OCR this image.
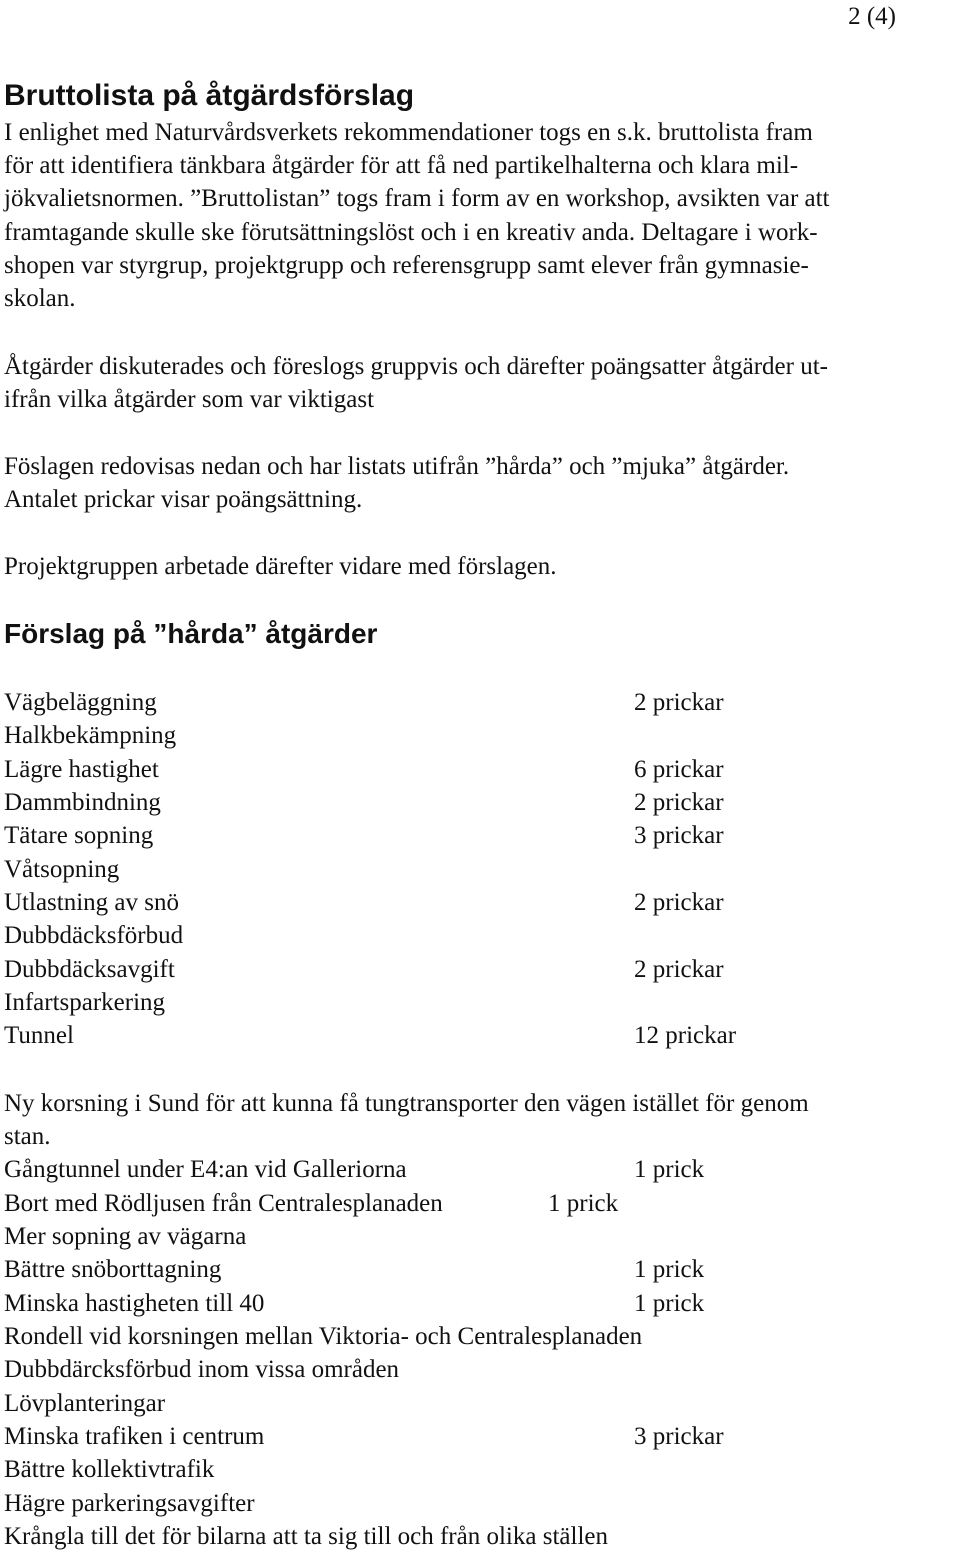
2 (4)
Bruttolista på åtgärdsförslag
I enlighet med Naturvårdsverkets rekommendationer togs en s.k. bruttolista fram
för att identifiera tänkbara åtgärder för att få ned partikelhalterna och klara mil-
jökvalietsnormen. ”Bruttolistan” togs fram i form av en workshop, avsikten var att
framtagande skulle ske förutsättningslöst och i en kreativ anda. Deltagare i work-
shopen var styrgrup, projektgrupp och referensgrupp samt elever från gymnasie-
skolan.
Åtgärder diskuterades och föreslogs gruppvis och därefter poängsatter åtgärder ut-
ifrån vilka åtgärder som var viktigast
Föslagen redovisas nedan och har listats utifrån ”hårda” och ”mjuka” åtgärder.
Antalet prickar visar poängsättning.
Projektgruppen arbetade därefter vidare med förslagen.
Förslag på ”hårda” åtgärder
Vägbeläggning	2 prickar
Halkbekämpning
Lägre hastighet	6 prickar
Dammbindning	2 prickar
Tätare sopning	3 prickar
Våtsopning
Utlastning av snö	2 prickar
Dubbdäcksförbud
Dubbdäcksavgift	2 prickar
Infartsparkering
Tunnel	12 prickar
Ny korsning i Sund för att kunna få tungtransporter den vägen istället för genom
stan.
Gångtunnel under E4:an vid Galleriorna	1 prick
Bort med Rödljusen från Centralesplanaden	1 prick
Mer sopning av vägarna
Bättre snöborttagning	1 prick
Minska hastigheten till 40	1 prick
Rondell vid korsningen mellan Viktoria- och Centralesplanaden
Dubbdärcksförbud inom vissa områden
Lövplanteringar
Minska trafiken i centrum	3 prickar
Bättre kollektivtrafik
Hägre parkeringsavgifter
Krångla till det för bilarna att ta sig till och från olika ställen
